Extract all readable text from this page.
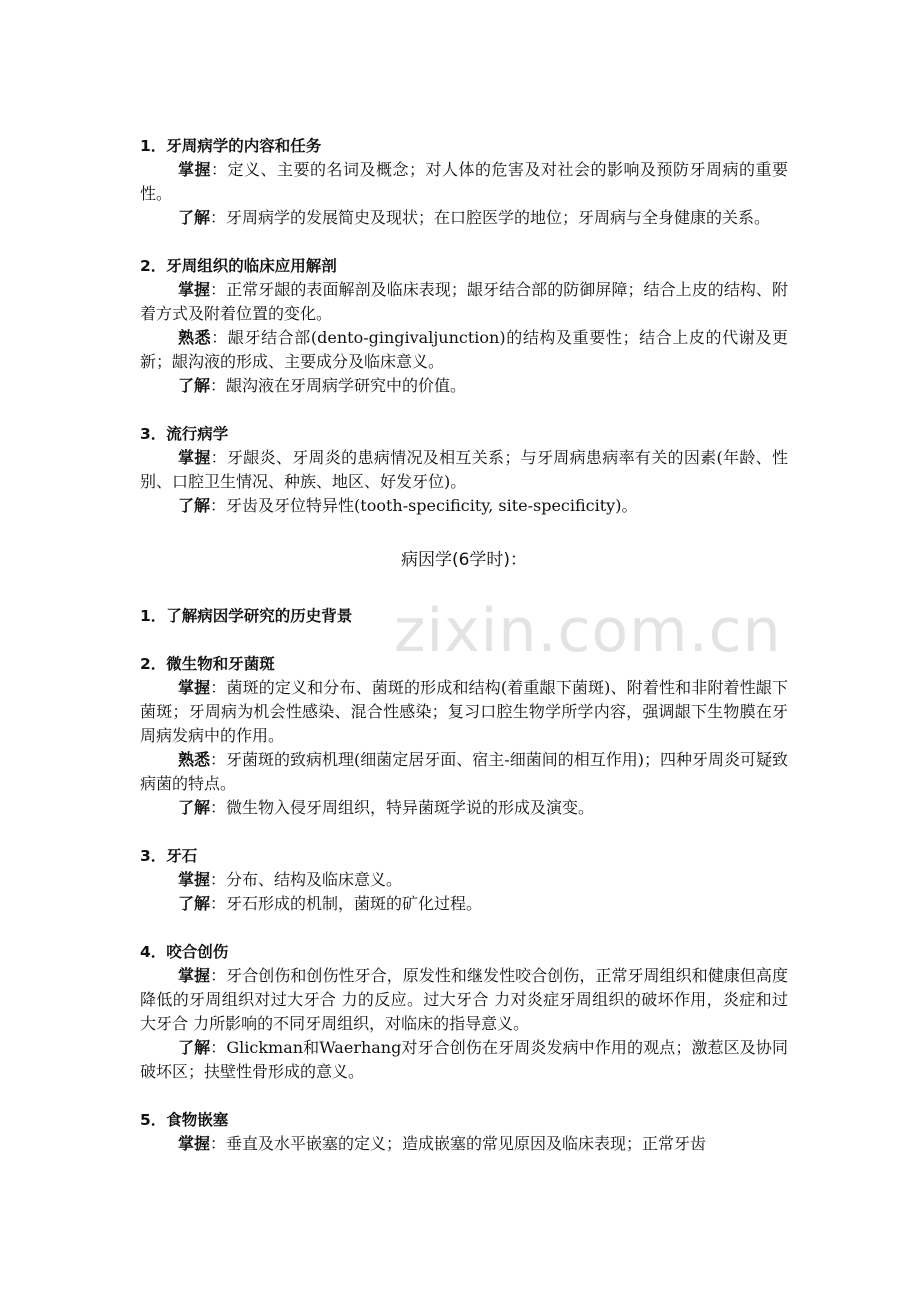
zixin.com.cn
1．牙周病学的内容和任务
掌握：定义、主要的名词及概念；对人体的危害及对社会的影响及预防牙周病的重要性。
了解：牙周病学的发展简史及现状；在口腔医学的地位；牙周病与全身健康的关系。
2．牙周组织的临床应用解剖
掌握：正常牙龈的表面解剖及临床表现；龈牙结合部的防御屏障；结合上皮的结构、附着方式及附着位置的变化。
熟悉：龈牙结合部(dento-gingivaljunction)的结构及重要性；结合上皮的代谢及更新；龈沟液的形成、主要成分及临床意义。
了解：龈沟液在牙周病学研究中的价值。
3．流行病学
掌握：牙龈炎、牙周炎的患病情况及相互关系；与牙周病患病率有关的因素(年龄、性别、口腔卫生情况、种族、地区、好发牙位)。
了解：牙齿及牙位特异性(tooth-specificity, site-specificity)。
病因学(6学时)：
1．了解病因学研究的历史背景
2．微生物和牙菌斑
掌握：菌斑的定义和分布、菌斑的形成和结构(着重龈下菌斑)、附着性和非附着性龈下菌斑；牙周病为机会性感染、混合性感染；复习口腔生物学所学内容，强调龈下生物膜在牙周病发病中的作用。
熟悉：牙菌斑的致病机理(细菌定居牙面、宿主-细菌间的相互作用)；四种牙周炎可疑致病菌的特点。
了解：微生物入侵牙周组织，特异菌斑学说的形成及演变。
3．牙石
掌握：分布、结构及临床意义。
了解：牙石形成的机制，菌斑的矿化过程。
4．咬合创伤
掌握：牙合创伤和创伤性牙合，原发性和继发性咬合创伤，正常牙周组织和健康但高度降低的牙周组织对过大牙合 力的反应。过大牙合 力对炎症牙周组织的破坏作用，炎症和过大牙合 力所影响的不同牙周组织，对临床的指导意义。
了解：Glickman和Waerhang对牙合创伤在牙周炎发病中作用的观点；激惹区及协同破坏区；扶壁性骨形成的意义。
5．食物嵌塞
掌握：垂直及水平嵌塞的定义；造成嵌塞的常见原因及临床表现；正常牙齿
